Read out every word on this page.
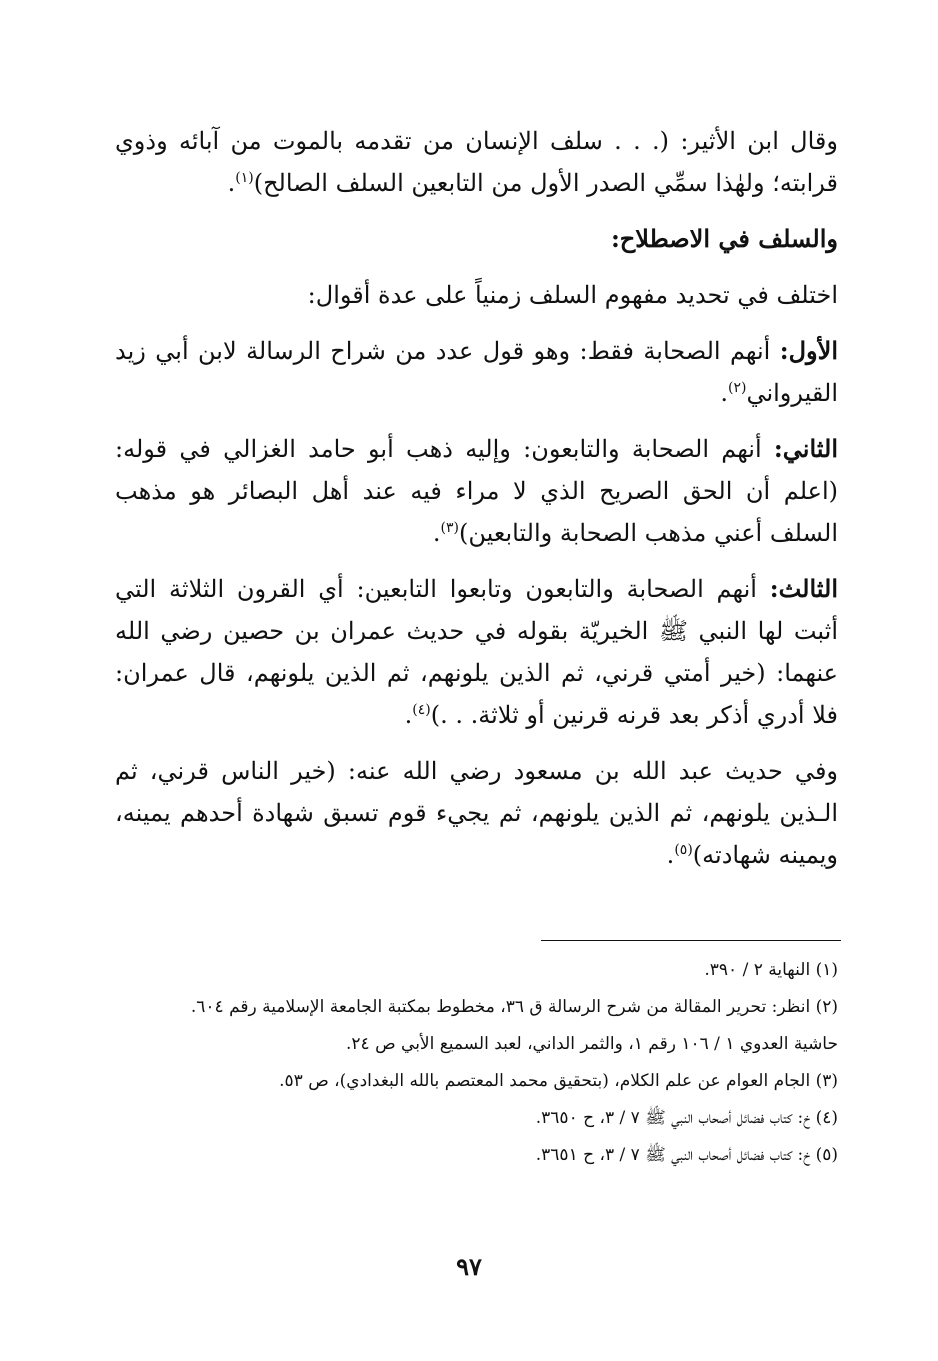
وقال ابن الأثير: (. . . سلف الإنسان من تقدمه بالموت من آبائه وذوي قرابته؛ ولهٰذا سمِّي الصدر الأول من التابعين السلف الصالح)$^{(١)}$.

والسلف في الاصطلاح:

اختلف في تحديد مفهوم السلف زمنياً على عدة أقوال:

الأول: أنهم الصحابة فقط: وهو قول عدد من شراح الرسالة لابن أبي زيد القيرواني$^{(٢)}$.

الثاني: أنهم الصحابة والتابعون: وإليه ذهب أبو حامد الغزالي في قوله: (اعلم أن الحق الصريح الذي لا مراء فيه عند أهل البصائر هو مذهب السلف أعني مذهب الصحابة والتابعين)$^{(٣)}$.

الثالث: أنهم الصحابة والتابعون وتابعوا التابعين: أي القرون الثلاثة التي أثبت لها النبي ﷺ الخيريّة بقوله في حديث عمران بن حصين رضي الله عنهما: (خير أمتي قرني، ثم الذين يلونهم، ثم الذين يلونهم، قال عمران: فلا أدري أذكر بعد قرنه قرنين أو ثلاثة. . .)$^{(٤)}$.

وفي حديث عبد الله بن مسعود رضي الله عنه: (خير الناس قرني، ثم الـذين يلونهم، ثم الذين يلونهم، ثم يجيء قوم تسبق شهادة أحدهم يمينه، ويمينه شهادته)$^{(٥)}$.

(١) النهاية ٢ / ٣٩٠.

(٢) انظر: تحرير المقالة من شرح الرسالة ق ٣٦، مخطوط بمكتبة الجامعة الإسلامية رقم ٦٠٤.

حاشية العدوي ١ / ١٠٦ رقم ١، والثمر الداني، لعبد السميع الأبي ص ٢٤.

(٣) الجام العوام عن علم الكلام، (بتحقيق محمد المعتصم بالله البغدادي)، ص ٥٣.

(٤) خ: كتاب فضائل أصحاب النبي ﷺ ٧ / ٣، ح ٣٦٥٠.

(٥) خ: كتاب فضائل أصحاب النبي ﷺ ٧ / ٣، ح ٣٦٥١.

٩٧
